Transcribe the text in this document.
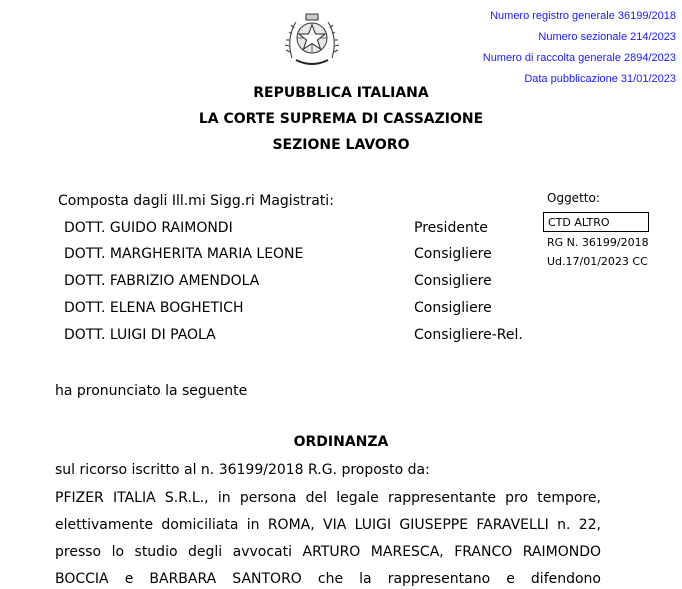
Numero registro generale 36199/2018
Numero sezionale 214/2023
Numero di raccolta generale 2894/2023
Data pubblicazione 31/01/2023
REPUBBLICA ITALIANA
LA CORTE SUPREMA DI CASSAZIONE
SEZIONE LAVORO
Composta dagli Ill.mi Sigg.ri Magistrati:
DOTT. GUIDO RAIMONDI	Presidente
DOTT. MARGHERITA MARIA LEONE	Consigliere
DOTT. FABRIZIO AMENDOLA	Consigliere
DOTT. ELENA BOGHETICH	Consigliere
DOTT. LUIGI DI PAOLA	Consigliere-Rel.
Oggetto:
CTD ALTRO
RG N. 36199/2018
Ud.17/01/2023 CC
ha pronunciato la seguente
ORDINANZA
sul ricorso iscritto al n. 36199/2018 R.G. proposto da:
PFIZER ITALIA S.R.L., in persona del legale rappresentante pro tempore,
elettivamente domiciliata in ROMA, VIA LUIGI GIUSEPPE FARAVELLI n. 22,
presso lo studio degli avvocati ARTURO MARESCA, FRANCO RAIMONDO
BOCCIA e BARBARA SANTORO che la rappresentano e difendono
